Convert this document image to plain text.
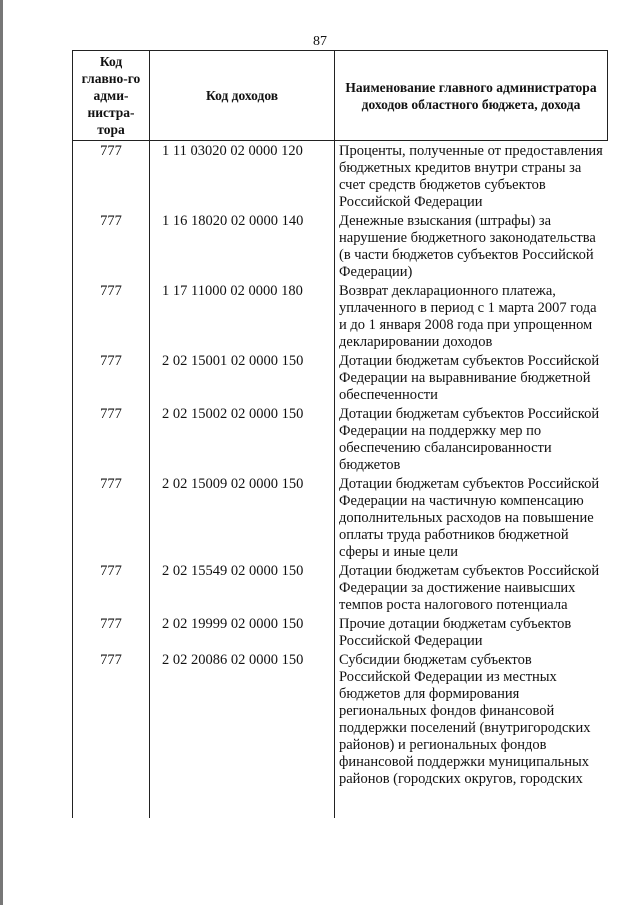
87
Код главно-го адми-нистра-тора	Код доходов	Наименование главного администратора доходов областного бюджета, дохода
777	1 11 03020 02 0000 120	Проценты, полученные от предоставления бюджетных кредитов внутри страны за счет средств бюджетов субъектов Российской Федерации
777	1 16 18020 02 0000 140	Денежные взыскания (штрафы) за нарушение бюджетного законодательства (в части бюджетов субъектов Российской Федерации)
777	1 17 11000 02 0000 180	Возврат декларационного платежа, уплаченного в период с 1 марта 2007 года и до 1 января 2008 года при упрощенном декларировании доходов
777	2 02 15001 02 0000 150	Дотации бюджетам субъектов Российской Федерации на выравнивание бюджетной обеспеченности
777	2 02 15002 02 0000 150	Дотации бюджетам субъектов Российской Федерации на поддержку мер по обеспечению сбалансированности бюджетов
777	2 02 15009 02 0000 150	Дотации бюджетам субъектов Российской Федерации на частичную компенсацию дополнительных расходов на повышение оплаты труда работников бюджетной сферы и иные цели
777	2 02 15549 02 0000 150	Дотации бюджетам субъектов Российской Федерации за достижение наивысших темпов роста налогового потенциала
777	2 02 19999 02 0000 150	Прочие дотации бюджетам субъектов Российской Федерации
777	2 02 20086 02 0000 150	Субсидии бюджетам субъектов Российской Федерации из местных бюджетов для формирования региональных фондов финансовой поддержки поселений (внутригородских районов) и региональных фондов финансовой поддержки муниципальных районов (городских округов, городских
